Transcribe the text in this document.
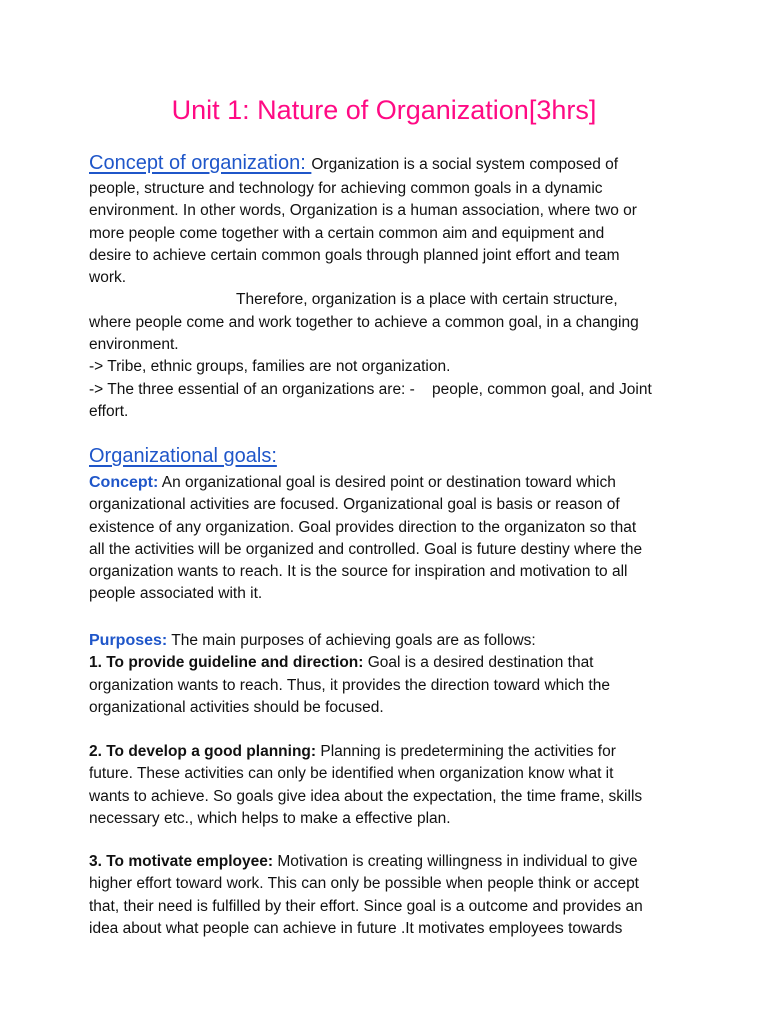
Unit 1: Nature of Organization[3hrs]

Concept of organization: Organization is a social system composed of

people, structure and technology for achieving common goals in a dynamic

environment. In other words, Organization is a human association, where two or

more people come together with a certain common aim and equipment and

desire to achieve certain common goals through planned joint effort and team

work.

Therefore, organization is a place with certain structure,

where people come and work together to achieve a common goal, in a changing

environment.

-> Tribe, ethnic groups, families are not organization.

-> The three essential of an organizations are: -    people, common goal, and Joint

effort.

Organizational goals:

Concept: An organizational goal is desired point or destination toward which

organizational activities are focused. Organizational goal is basis or reason of

existence of any organization. Goal provides direction to the organizaton so that

all the activities will be organized and controlled. Goal is future destiny where the

organization wants to reach. It is the source for inspiration and motivation to all

people associated with it.

Purposes: The main purposes of achieving goals are as follows:

1. To provide guideline and direction: Goal is a desired destination that

organization wants to reach. Thus, it provides the direction toward which the

organizational activities should be focused.

2. To develop a good planning: Planning is predetermining the activities for

future. These activities can only be identified when organization know what it

wants to achieve. So goals give idea about the expectation, the time frame, skills

necessary etc., which helps to make a effective plan.

3. To motivate employee: Motivation is creating willingness in individual to give

higher effort toward work. This can only be possible when people think or accept

that, their need is fulfilled by their effort. Since goal is a outcome and provides an

idea about what people can achieve in future .It motivates employees towards
